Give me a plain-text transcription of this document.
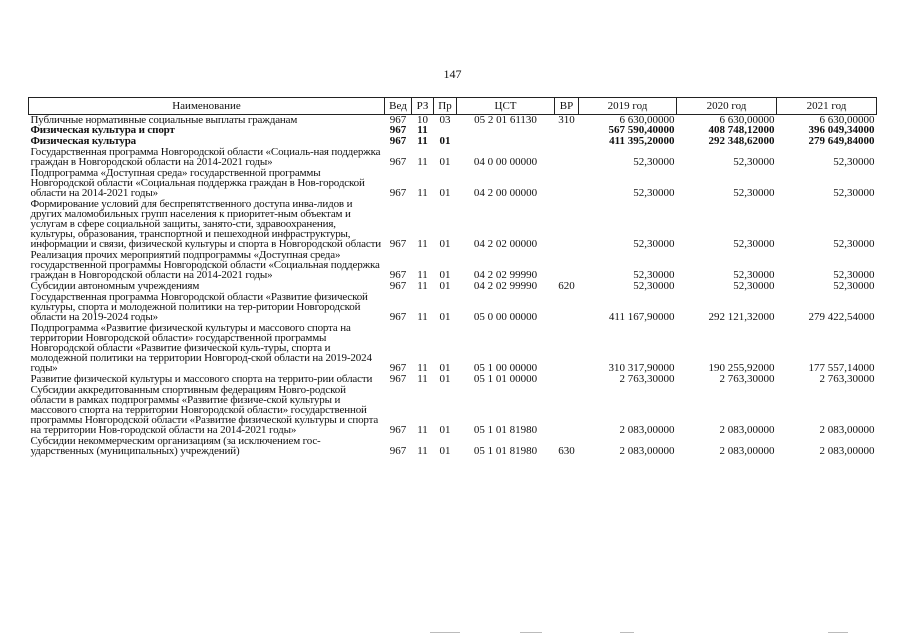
147
Наименование	Вед	РЗ	Пр	ЦСТ	ВР	2019 год	2020 год	2021 год
Публичные нормативные социальные выплаты гражданам	967	10	03	05 2 01 61130	310	6 630,00000	6 630,00000	6 630,00000
Физическая культура и спорт	967	11				567 590,40000	408 748,12000	396 049,34000
Физическая культура	967	11	01			411 395,20000	292 348,62000	279 649,84000
Государственная программа Новгородской области «Социаль-ная поддержка граждан в Новгородской области на 2014-2021 годы»	967	11	01	04 0 00 00000		52,30000	52,30000	52,30000
Подпрограмма «Доступная среда» государственной программы Новгородской области «Социальная поддержка граждан в Нов-городской области на 2014-2021 годы»	967	11	01	04 2 00 00000		52,30000	52,30000	52,30000
Формирование условий для беспрепятственного доступа инва-лидов и других маломобильных групп населения к приоритет-ным объектам и услугам в сфере социальной защиты, занято-сти, здравоохранения, культуры, образования, транспортной и пешеходной инфраструктуры, информации и связи, физической культуры и спорта в Новгородской области	967	11	01	04 2 02 00000		52,30000	52,30000	52,30000
Реализация прочих мероприятий подпрограммы «Доступная среда» государственной программы Новгородской области «Социальная поддержка граждан в Новгородской области на 2014-2021 годы»	967	11	01	04 2 02 99990		52,30000	52,30000	52,30000
Субсидии автономным учреждениям	967	11	01	04 2 02 99990	620	52,30000	52,30000	52,30000
Государственная программа Новгородской области «Развитие физической культуры, спорта и молодежной политики на тер-ритории Новгородской области на 2019-2024 годы»	967	11	01	05 0 00 00000		411 167,90000	292 121,32000	279 422,54000
Подпрограмма «Развитие физической культуры и массового спорта на территории Новгородской области» государственной программы Новгородской области «Развитие физической куль-туры, спорта и молодежной политики на территории Новгород-ской области на 2019-2024 годы»	967	11	01	05 1 00 00000		310 317,90000	190 255,92000	177 557,14000
Развитие физической культуры и массового спорта на террито-рии области	967	11	01	05 1 01 00000		2 763,30000	2 763,30000	2 763,30000
Субсидии аккредитованным спортивным федерациям Новго-родской области в рамках подпрограммы «Развитие физиче-ской культуры и массового спорта на территории Новгородской области» государственной программы Новгородской области «Развитие физической культуры и спорта на территории Нов-городской области на 2014-2021 годы»	967	11	01	05 1 01 81980		2 083,00000	2 083,00000	2 083,00000
Субсидии некоммерческим организациям (за исключением гос-ударственных (муниципальных) учреждений)	967	11	01	05 1 01 81980	630	2 083,00000	2 083,00000	2 083,00000
